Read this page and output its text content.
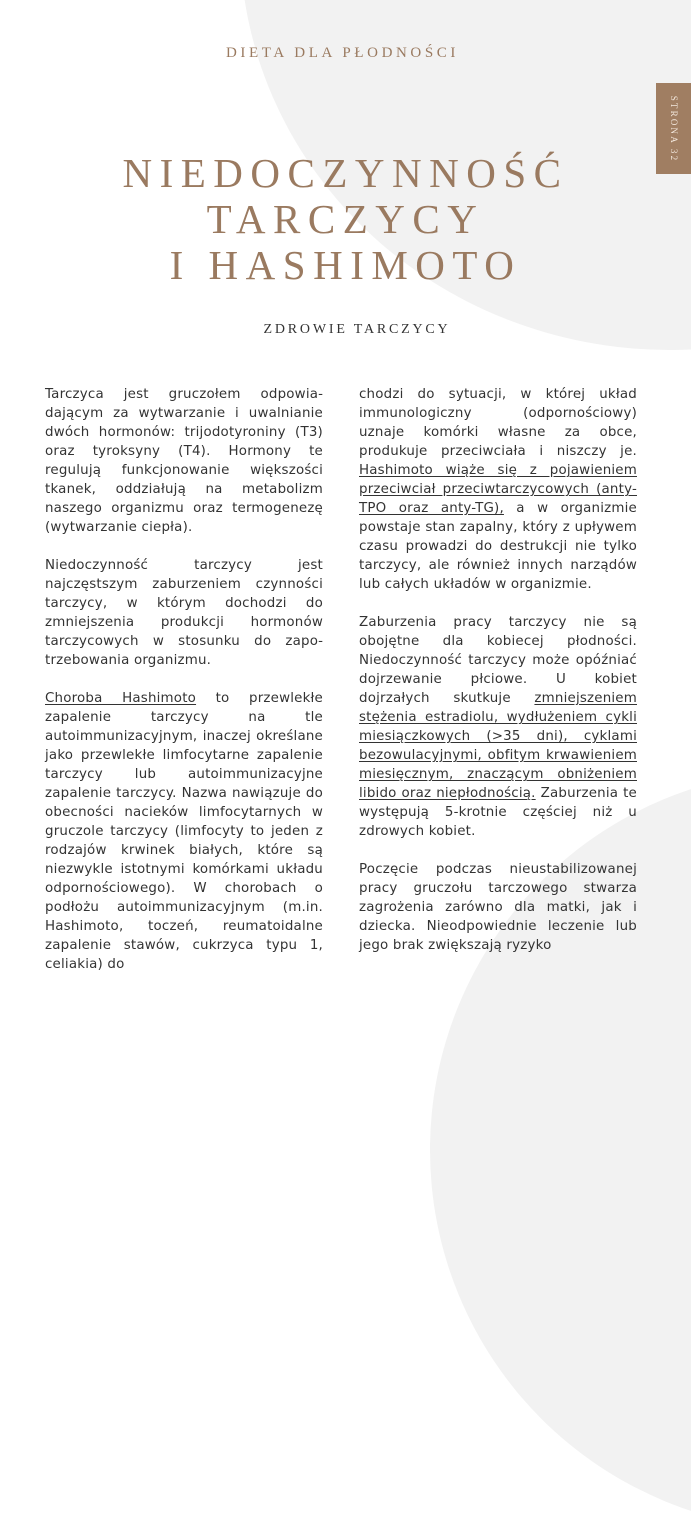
DIETA DLA PŁODNOŚCI
STRONA 32
NIEDOCZYNNOŚĆ
TARCZYCY
I HASHIMOTO
ZDROWIE TARCZYCY

Tarczyca jest gruczołem odpowiadającym za wytwarzanie i uwalnianie dwóch hormonów: trijodotyroniny (T3) oraz tyroksyny (T4). Hormony te regulują funkcjonowanie większości tkanek, oddziałują na metabolizm naszego organizmu oraz termogenezę (wytwarzanie ciepła).

Niedoczynność tarczycy jest najczęstszym zaburzeniem czynności tarczycy, w którym dochodzi do zmniejszenia produkcji hormonów tarczycowych w stosunku do zapotrzebowania organizmu.

Choroba Hashimoto to przewlekłe zapalenie tarczycy na tle autoimmunizacyjnym, inaczej określane jako przewlekłe limfocytarne zapalenie tarczycy lub autoimmunizacyjne zapalenie tarczycy. Nazwa nawiązuje do obecności nacieków limfocytarnych w gruczole tarczycy (limfocyty to jeden z rodzajów krwinek białych, które są niezwykle istotnymi komórkami układu odpornościowego). W chorobach o podłożu autoimmunizacyjnym (m.in. Hashimoto, toczeń, reumatoidalne zapalenie stawów, cukrzyca typu 1, celiakia) do

chodzi do sytuacji, w której układ immunologiczny (odpornościowy) uznaje komórki własne za obce, produkuje przeciwciała i niszczy je. Hashimoto wiąże się z pojawieniem przeciwciał przeciwtarczycowych (anty-TPO oraz anty-TG), a w organizmie powstaje stan zapalny, który z upływem czasu prowadzi do destrukcji nie tylko tarczycy, ale również innych narządów lub całych układów w organizmie.

Zaburzenia pracy tarczycy nie są obojętne dla kobiecej płodności. Niedoczynność tarczycy może opóźniać dojrzewanie płciowe. U kobiet dojrzałych skutkuje zmniejszeniem stężenia estradiolu, wydłużeniem cykli miesiączkowych (>35 dni), cyklami bezowulacyjnymi, obfitym krwawieniem miesięcznym, znaczącym obniżeniem libido oraz niepłodnością. Zaburzenia te występują 5-krotnie częściej niż u zdrowych kobiet.

Poczęcie podczas nieustabilizowanej pracy gruczołu tarczowego stwarza zagrożenia zarówno dla matki, jak i dziecka. Nieodpowiednie leczenie lub jego brak zwiększają ryzyko
